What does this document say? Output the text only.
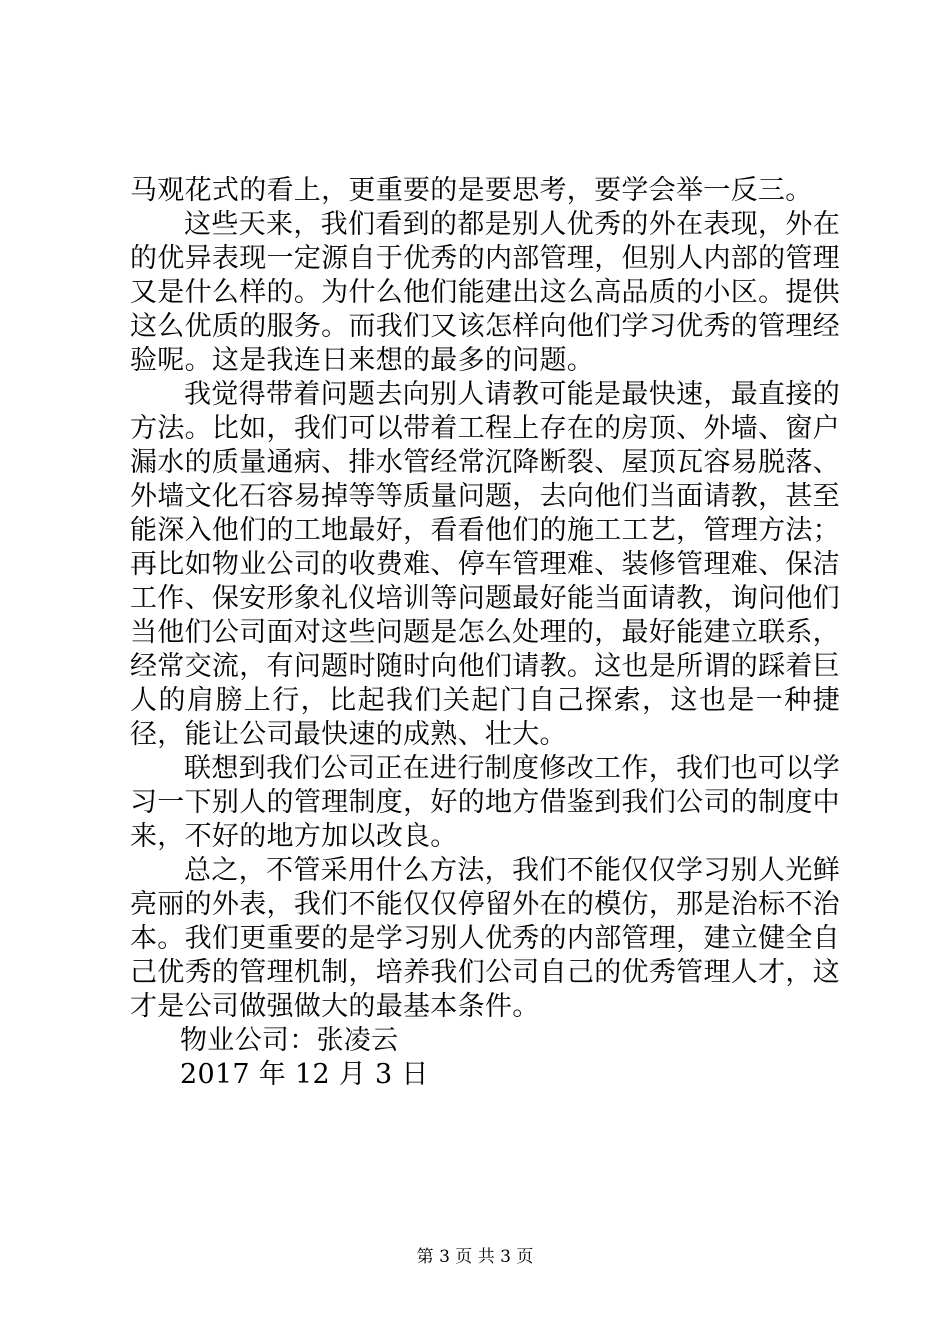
马观花式的看上，更重要的是要思考，要学会举一反三。

这些天来，我们看到的都是别人优秀的外在表现，外在的优异表现一定源自于优秀的内部管理，但别人内部的管理又是什么样的。为什么他们能建出这么高品质的小区。提供这么优质的服务。而我们又该怎样向他们学习优秀的管理经验呢。这是我连日来想的最多的问题。

我觉得带着问题去向别人请教可能是最快速，最直接的方法。比如，我们可以带着工程上存在的房顶、外墙、窗户漏水的质量通病、排水管经常沉降断裂、屋顶瓦容易脱落、外墙文化石容易掉等等质量问题，去向他们当面请教，甚至能深入他们的工地最好，看看他们的施工工艺，管理方法；再比如物业公司的收费难、停车管理难、装修管理难、保洁工作、保安形象礼仪培训等问题最好能当面请教，询问他们当他们公司面对这些问题是怎么处理的，最好能建立联系，经常交流，有问题时随时向他们请教。这也是所谓的踩着巨人的肩膀上行，比起我们关起门自己探索，这也是一种捷径，能让公司最快速的成熟、壮大。

联想到我们公司正在进行制度修改工作，我们也可以学习一下别人的管理制度，好的地方借鉴到我们公司的制度中来，不好的地方加以改良。

总之，不管采用什么方法，我们不能仅仅学习别人光鲜亮丽的外表，我们不能仅仅停留外在的模仿，那是治标不治本。我们更重要的是学习别人优秀的内部管理，建立健全自己优秀的管理机制，培养我们公司自己的优秀管理人才，这才是公司做强做大的最基本条件。

物业公司：张凌云

2017 年 12 月 3 日

第 3 页 共 3 页
